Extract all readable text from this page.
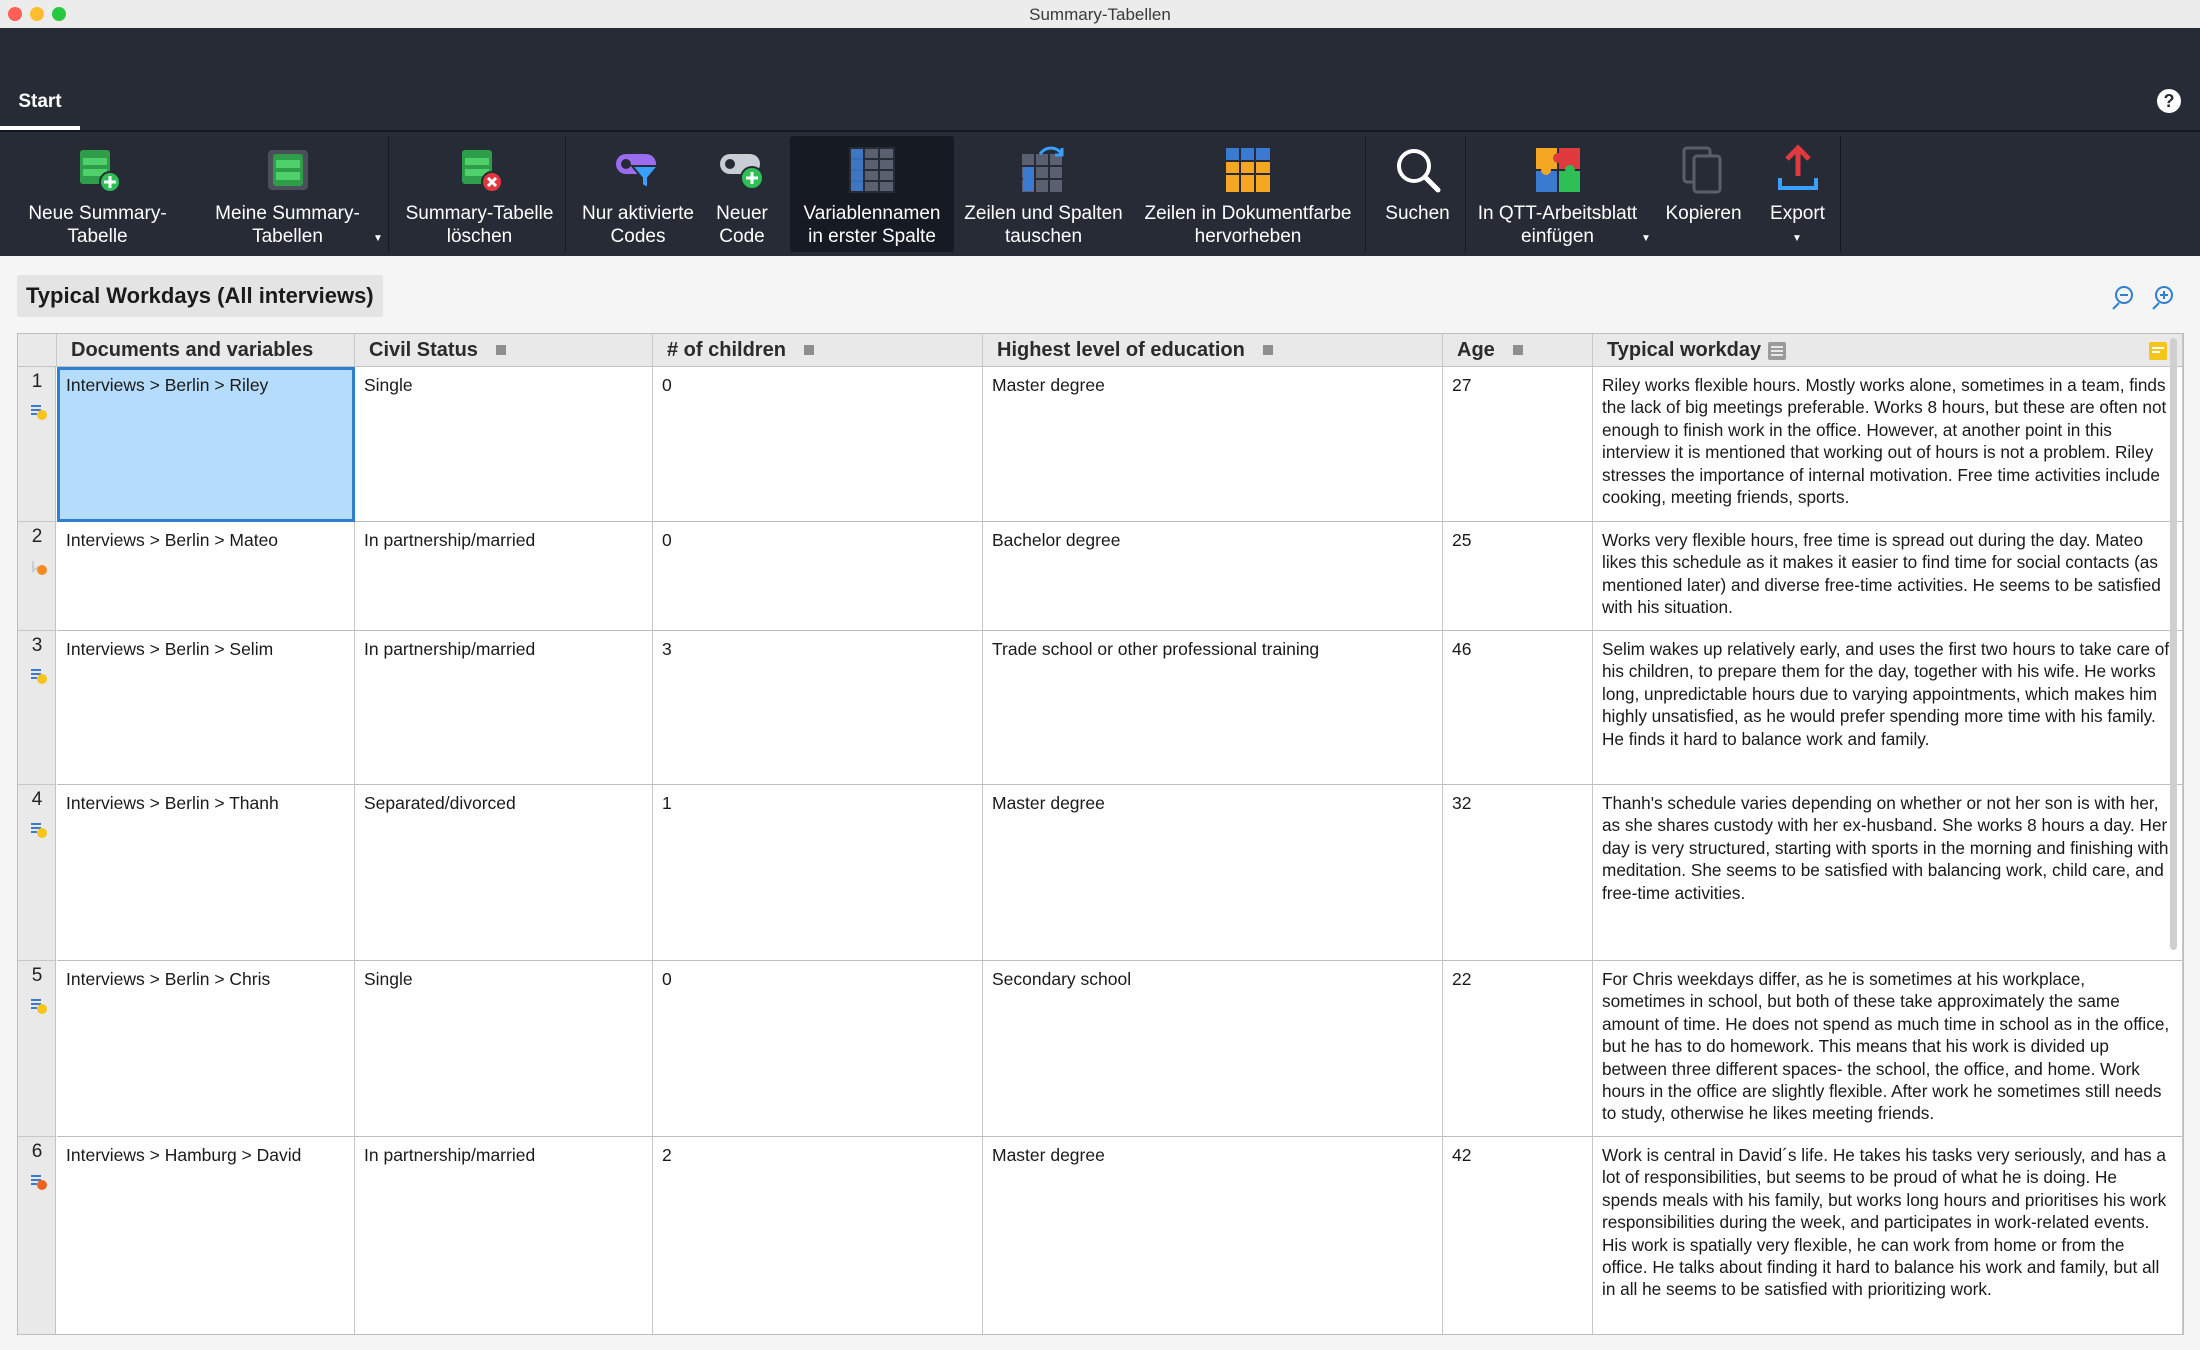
Summary-Tabellen
Start	?
Neue Summary-
Tabelle
Meine Summary-
Tabellen	▼
Summary-Tabelle
löschen
Nur aktivierte
Codes
Neuer
Code
Variablennamen
in erster Spalte
Zeilen und Spalten
tauschen
Zeilen in Dokumentfarbe
hervorheben
Suchen	In QTT-Arbeitsblatt
einfügen	▼
Kopieren	Export
▼
Typical Workdays (All interviews)
Documents and variables	Civil Status	# of children	Highest level of education	Age	Typical workday
1	Interviews > Berlin > Riley	Single	0	Master degree	27	Riley works flexible hours. Mostly works alone, sometimes in a team, finds the lack of big meetings preferable. Works 8 hours, but these are often not enough to finish work in the office. However, at another point in this interview it is mentioned that working out of hours is not a problem. Riley stresses the importance of internal motivation. Free time activities include cooking, meeting friends, sports.
2	Interviews > Berlin > Mateo	In partnership/married	0	Bachelor degree	25	Works very flexible hours, free time is spread out during the day. Mateo likes this schedule as it makes it easier to find time for social contacts (as mentioned later) and diverse free-time activities. He seems to be satisfied with his situation.
3	Interviews > Berlin > Selim	In partnership/married	3	Trade school or other professional training	46	Selim wakes up relatively early, and uses the first two hours to take care of his children, to prepare them for the day, together with his wife. He works long, unpredictable hours due to varying appointments, which makes him highly unsatisfied, as he would prefer spending more time with his family. He finds it hard to balance work and family.
4	Interviews > Berlin > Thanh	Separated/divorced	1	Master degree	32	Thanh's schedule varies depending on whether or not her son is with her, as she shares custody with her ex-husband. She works 8 hours a day. Her day is very structured, starting with sports in the morning and finishing with meditation. She seems to be satisfied with balancing work, child care, and free-time activities.
5	Interviews > Berlin > Chris	Single	0	Secondary school	22	For Chris weekdays differ, as he is sometimes at his workplace, sometimes in school, but both of these take approximately the same amount of time. He does not spend as much time in school as in the office, but he has to do homework. This means that his work is divided up between three different spaces- the school, the office, and home. Work hours in the office are slightly flexible. After work he sometimes still needs to study, otherwise he likes meeting friends.
6	Interviews > Hamburg > David	In partnership/married	2	Master degree	42	Work is central in David´s life. He takes his tasks very seriously, and has a lot of responsibilities, but seems to be proud of what he is doing. He spends meals with his family, but works long hours and prioritises his work responsibilities during the week, and participates in work-related events. His work is spatially very flexible, he can work from home or from the office. He talks about finding it hard to balance his work and family, but all in all he seems to be satisfied with prioritizing work.
